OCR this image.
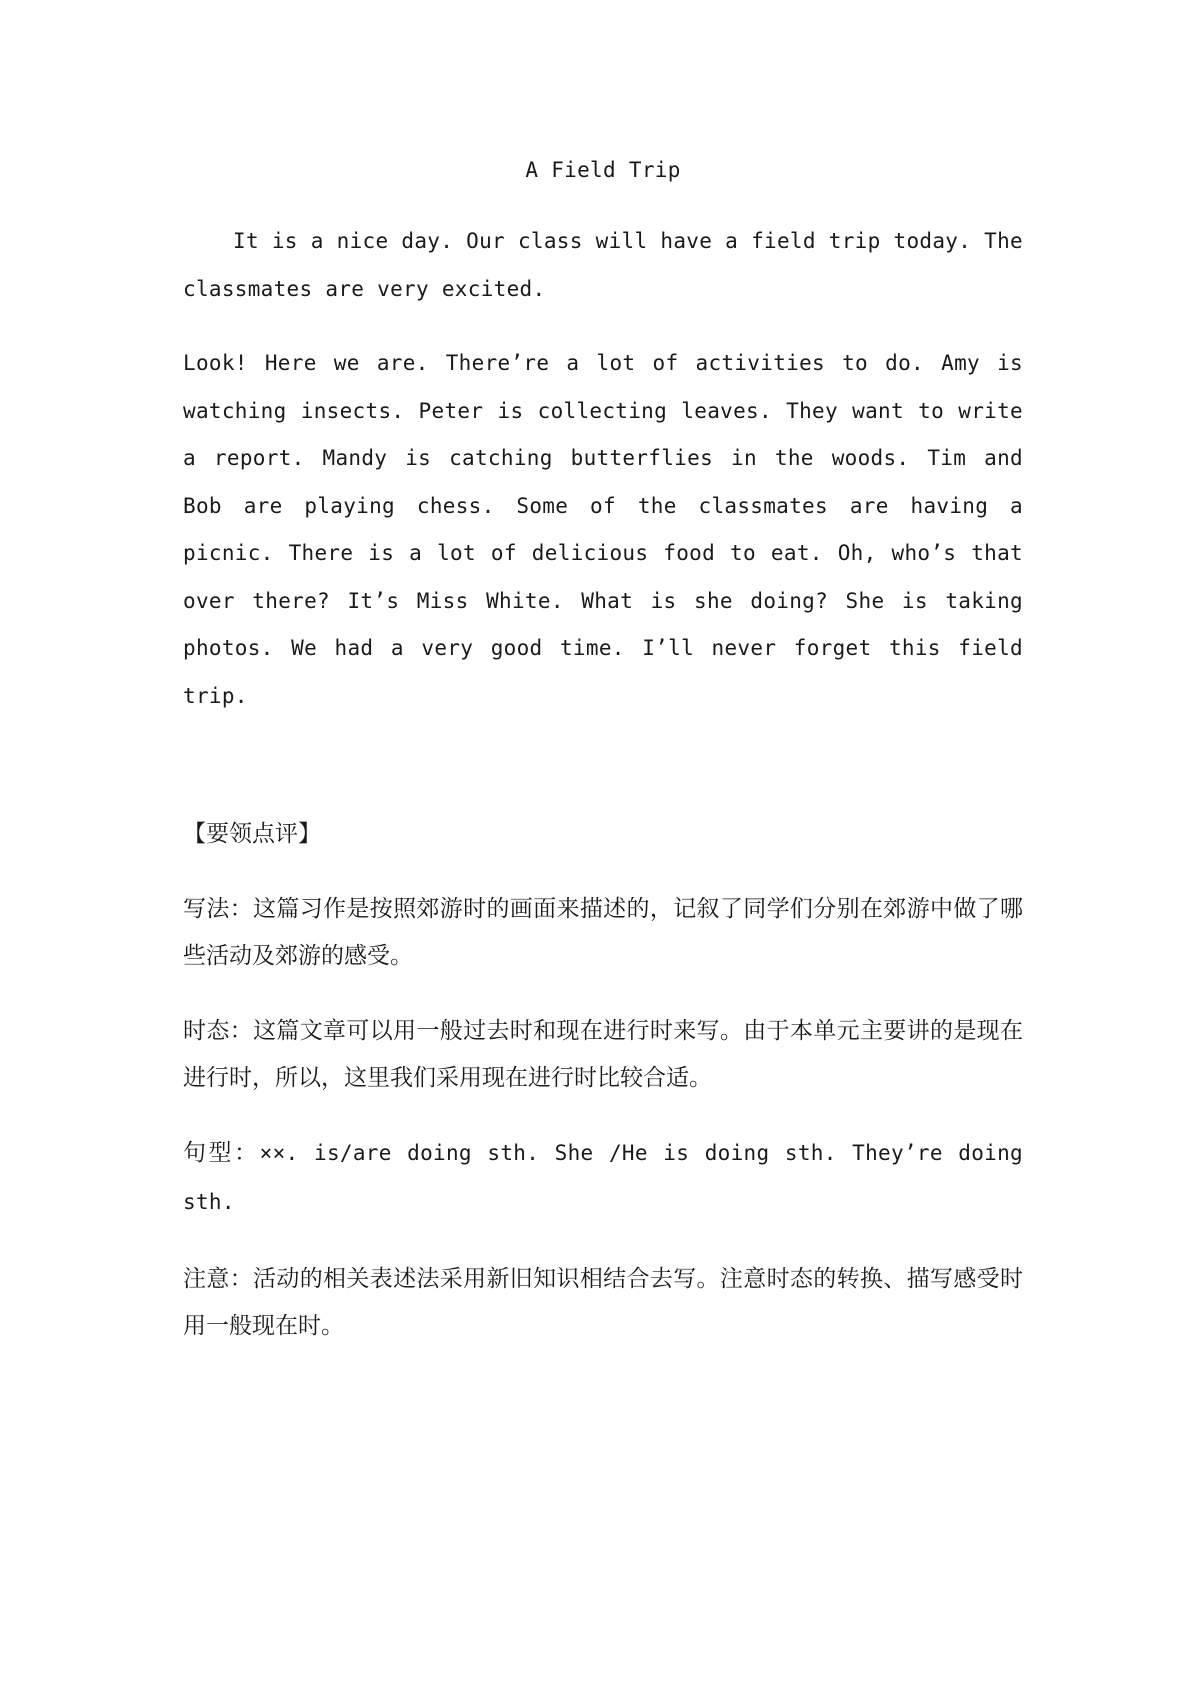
A Field Trip

It is a nice day. Our class will have a field trip today. The classmates are very excited.

Look! Here we are. There’re a lot of activities to do. Amy is watching insects. Peter is collecting leaves. They want to write a report. Mandy is catching butterflies in the woods. Tim and Bob are playing chess. Some of the classmates are having a picnic. There is a lot of delicious food to eat. Oh, who’s that over there? It’s Miss White. What is she doing? She is taking photos. We had a very good time. I’ll never forget this field trip.

【要领点评】

写法：这篇习作是按照郊游时的画面来描述的，记叙了同学们分别在郊游中做了哪些活动及郊游的感受。

时态：这篇文章可以用一般过去时和现在进行时来写。由于本单元主要讲的是现在进行时，所以，这里我们采用现在进行时比较合适。

句型：××. is/are doing sth. She /He is doing sth. They’re doing sth.

注意：活动的相关表述法采用新旧知识相结合去写。注意时态的转换、描写感受时用一般现在时。
